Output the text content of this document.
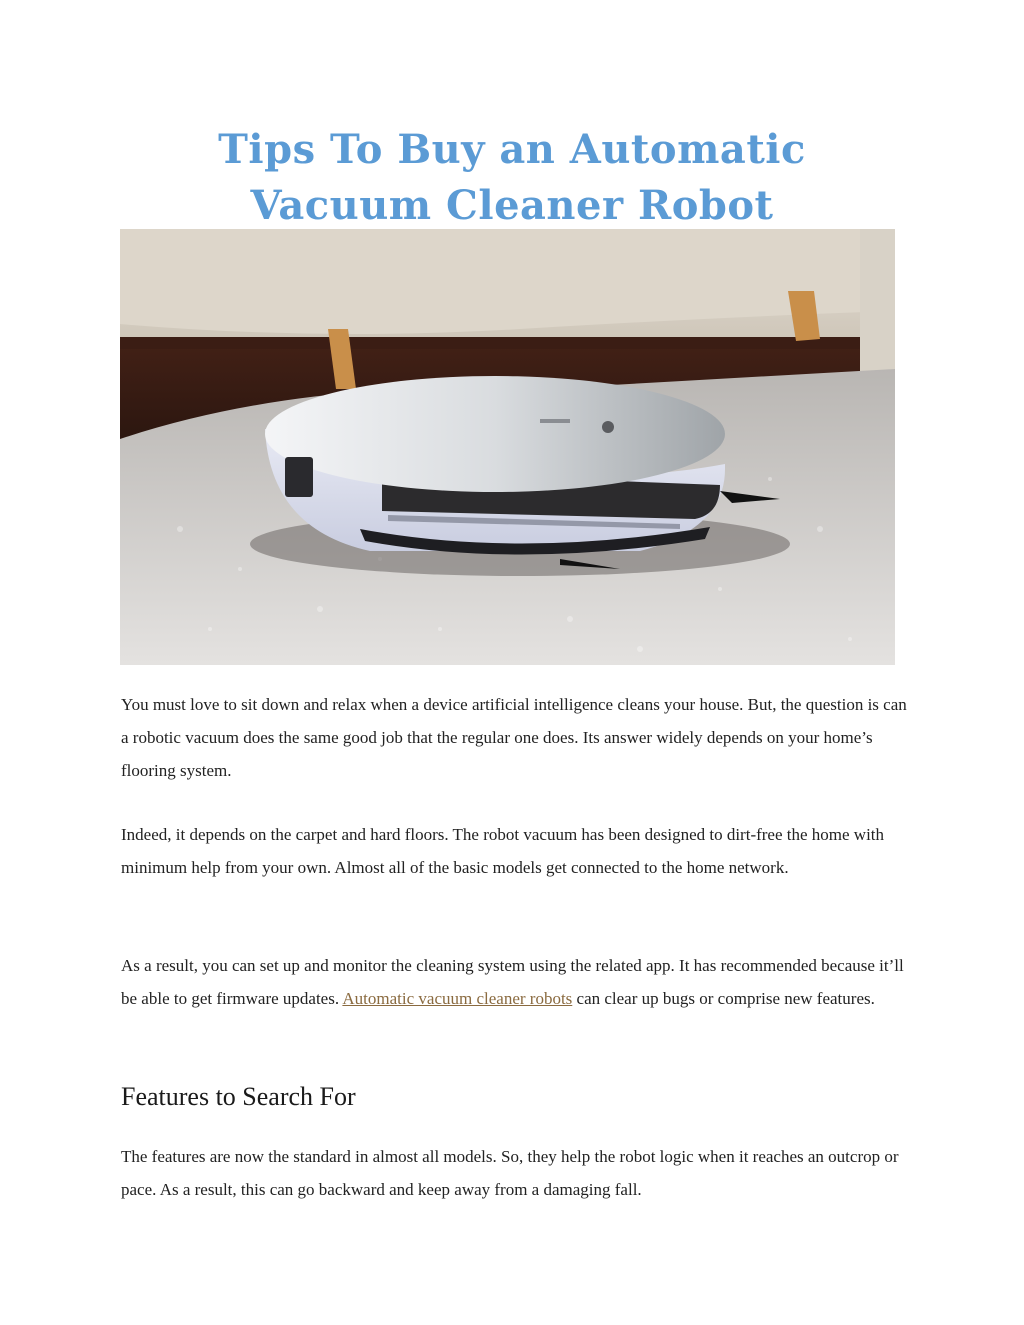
Tips To Buy an Automatic
Vacuum Cleaner Robot

You must love to sit down and relax when a device artificial intelligence cleans your house. But, the question is can a robotic vacuum does the same good job that the regular one does. Its answer widely depends on your home’s flooring system.

Indeed, it depends on the carpet and hard floors. The robot vacuum has been designed to dirt-free the home with minimum help from your own. Almost all of the basic models get connected to the home network.

As a result, you can set up and monitor the cleaning system using the related app. It has recommended because it’ll be able to get firmware updates. Automatic vacuum cleaner robots can clear up bugs or comprise new features.

Features to Search For

The features are now the standard in almost all models. So, they help the robot logic when it reaches an outcrop or pace. As a result, this can go backward and keep away from a damaging fall.
